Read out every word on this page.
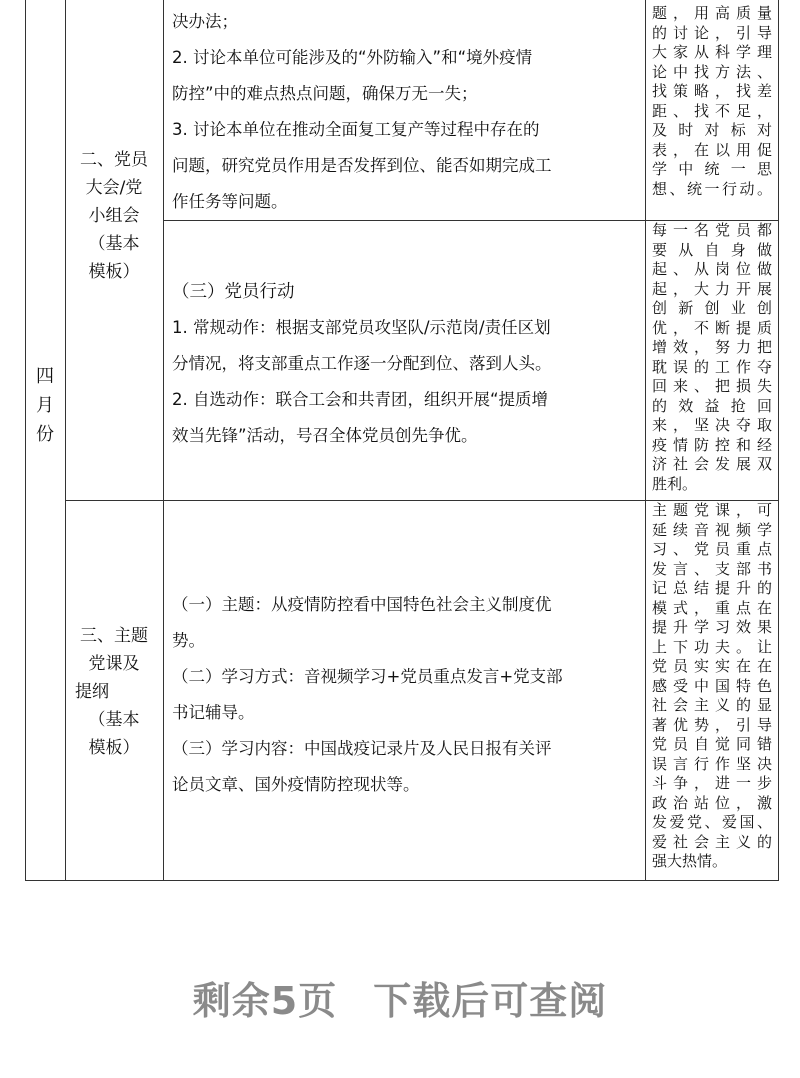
四
月
份
决办法；
2. 讨论本单位可能涉及的“外防输入”和“境外疫情
防控”中的难点热点问题，确保万无一失；
3. 讨论本单位在推动全面复工复产等过程中存在的
问题，研究党员作用是否发挥到位、能否如期完成工
作任务等问题。
题，用高质量
的讨论，引导
大家从科学理
论中找方法、
找策略，找差
距、找不足，
及时对标对
表，在以用促
学中统一思
想、统一行动。
二、党员
大会/党
小组会
（基本
模板）
（三）党员行动
1. 常规动作：根据支部党员攻坚队/示范岗/责任区划
分情况，将支部重点工作逐一分配到位、落到人头。
2. 自选动作：联合工会和共青团，组织开展“提质增
效当先锋”活动，号召全体党员创先争优。
每一名党员都
要从自身做
起、从岗位做
起，大力开展
创新创业创
优，不断提质
增效，努力把
耽误的工作夺
回来、把损失
的效益抢回
来，坚决夺取
疫情防控和经
济社会发展双
胜利。
三、主题
党课及
提纲
（基本
模板）
（一）主题：从疫情防控看中国特色社会主义制度优
势。
（二）学习方式：音视频学习+党员重点发言+党支部
书记辅导。
（三）学习内容：中国战疫记录片及人民日报有关评
论员文章、国外疫情防控现状等。
主题党课，可
延续音视频学
习、党员重点
发言、支部书
记总结提升的
模式，重点在
提升学习效果
上下功夫。让
党员实实在在
感受中国特色
社会主义的显
著优势，引导
党员自觉同错
误言行作坚决
斗争，进一步
政治站位，激
发爱党、爱国、
爱社会主义的
强大热情。
剩余5页 下载后可查阅
